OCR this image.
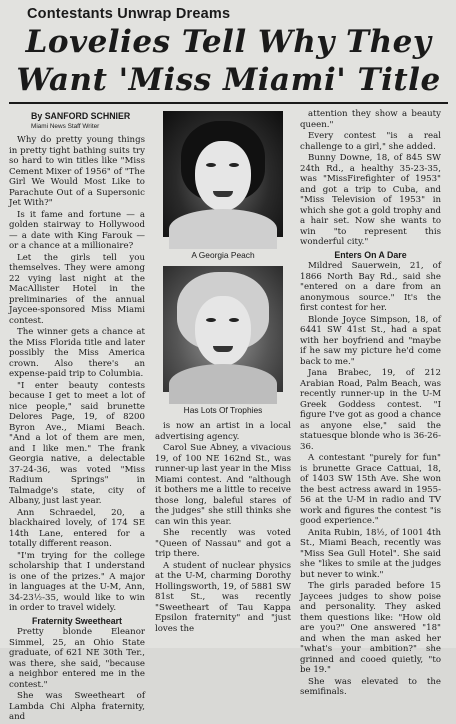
Contestants Unwrap Dreams
Lovelies Tell Why They
Want 'Miss Miami' Title
By SANFORD SCHNIER
Miami News Staff Writer

Why do pretty young things in pretty tight bathing suits try so hard to win titles like "Miss Cement Mixer of 1956" of "The Girl We Would Most Like to Parachute Out of a Supersonic Jet With?"

Is it fame and fortune — a golden stairway to Hollywood — a date with King Farouk — or a chance at a millionaire?

Let the girls tell you themselves. They were among 22 vying last night at the MacAllister Hotel in the preliminaries of the annual Jaycee-sponsored Miss Miami contest.

The winner gets a chance at the Miss Florida title and later possibly the Miss America crown. Also there's an expense-paid trip to Columbia.

"I enter beauty contests because I get to meet a lot of nice people," said brunette Delores Page, 19, of 8200 Byron Ave., Miami Beach. "And a lot of them are men, and I like men." The frank Georgia native, a delectable 37-24-36, was voted "Miss Radium Springs" in Talmadge's state, city of Albany, just last year.

Ann Schraedel, 20, a blackhaired lovely, of 174 SE 14th Lane, entered for a totally different reason.

"I'm trying for the college scholarship that I understand is one of the prizes." A major in languages at the U-M, Ann, 34-23½-35, would like to win in order to travel widely.

Fraternity Sweetheart

Pretty blonde Eleanor Simmel, 25, an Ohio State graduate, of 621 NE 30th Ter., was there, she said, "because a neighbor entered me in the contest."

She was Sweetheart of Lambda Chi Alpha fraternity, and

A Georgia Peach
Has Lots Of Trophies

is now an artist in a local advertising agency.

Carol Sue Abney, a vivacious 19, of 100 NE 162nd St., was runner-up last year in the Miss Miami contest. And "although it bothers me a little to receive those long, baleful stares of the judges" she still thinks she can win this year.

She recently was voted "Queen of Nassau" and got a trip there.

A student of nuclear physics at the U-M, charming Dorothy Hollingsworth, 19, of 5881 SW 81st St., was recently "Sweetheart of Tau Kappa Epsilon fraternity" and "just loves the

attention they show a beauty queen."

Every contest "is a real challenge to a girl," she added.

Bunny Downe, 18, of 845 SW 24th Rd., a healthy 35-23-35, was "MissFirefighter of 1953" and got a trip to Cuba, and "Miss Television of 1953" in which she got a gold trophy and a hair set. Now she wants to win "to represent this wonderful city."

Enters On A Dare

Mildred Sauerwein, 21, of 1866 North Bay Rd., said she "entered on a dare from an anonymous source." It's the first contest for her.

Blonde Joyce Simpson, 18, of 6441 SW 41st St., had a spat with her boyfriend and "maybe if he saw my picture he'd come back to me."

Jana Brabec, 19, of 212 Arabian Road, Palm Beach, was recently runner-up in the U-M Greek Goddess contest. "I figure I've got as good a chance as anyone else," said the statuesque blonde who is 36-26-36.

A contestant "purely for fun" is brunette Grace Cattuai, 18, of 1403 SW 15th Ave. She won the best actress award in 1955-56 at the U-M in radio and TV work and figures the contest "is good experience."

Anita Rubin, 18½, of 1001 4th St., Miami Beach, recently was "Miss Sea Gull Hotel". She said she "likes to smile at the judges but never to wink."

The girls paraded before 15 Jaycees judges to show poise and personality. They asked them questions like: "How old are you?" One answered "18" and when the man asked her "what's your ambition?" she grinned and cooed quietly, "to be 19."

She was elevated to the semifinals.
